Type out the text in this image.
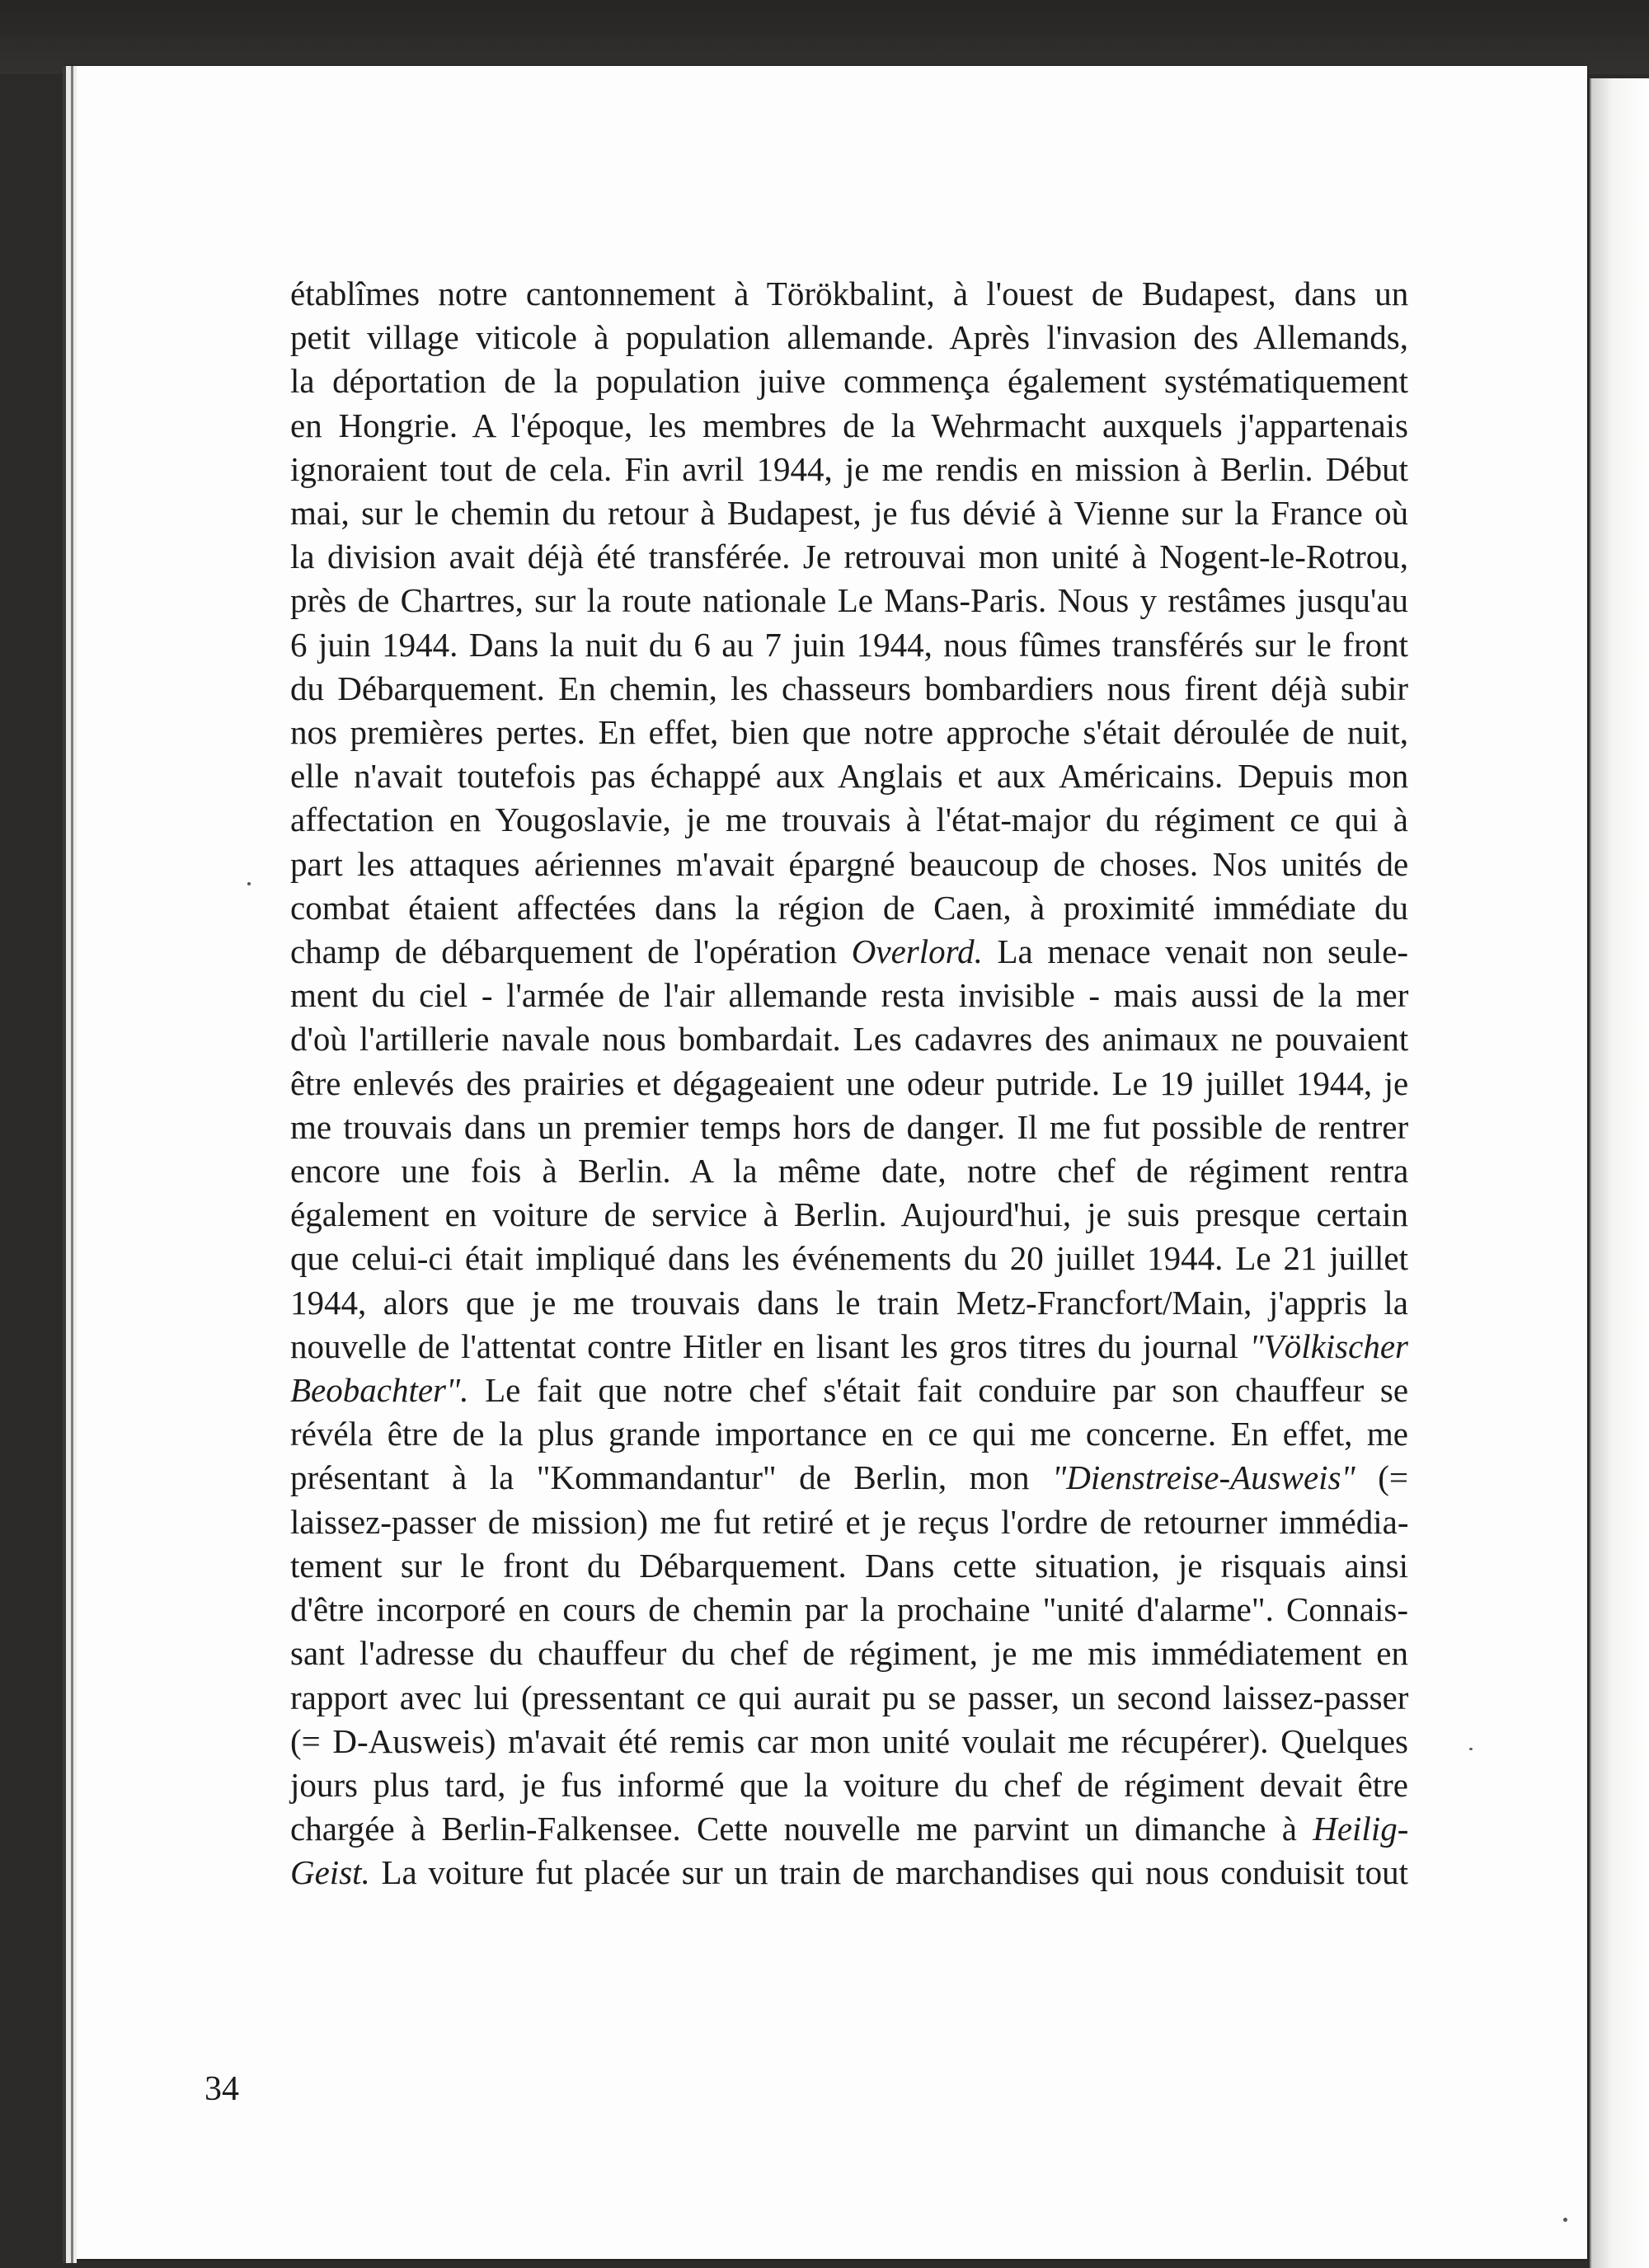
établîmes notre cantonnement à Törökbalint, à l'ouest de Budapest, dans un
petit village viticole à population allemande. Après l'invasion des Allemands,
la déportation de la population juive commença également systématiquement
en Hongrie. A l'époque, les membres de la Wehrmacht auxquels j'appartenais
ignoraient tout de cela. Fin avril 1944, je me rendis en mission à Berlin. Début
mai, sur le chemin du retour à Budapest, je fus dévié à Vienne sur la France où
la division avait déjà été transférée. Je retrouvai mon unité à Nogent-le-Rotrou,
près de Chartres, sur la route nationale Le Mans-Paris. Nous y restâmes jusqu'au
6 juin 1944. Dans la nuit du 6 au 7 juin 1944, nous fûmes transférés sur le front
du Débarquement. En chemin, les chasseurs bombardiers nous firent déjà subir
nos premières pertes. En effet, bien que notre approche s'était déroulée de nuit,
elle n'avait toutefois pas échappé aux Anglais et aux Américains. Depuis mon
affectation en Yougoslavie, je me trouvais à l'état-major du régiment ce qui à
part les attaques aériennes m'avait épargné beaucoup de choses. Nos unités de
combat étaient affectées dans la région de Caen, à proximité immédiate du
champ de débarquement de l'opération Overlord. La menace venait non seule-
ment du ciel - l'armée de l'air allemande resta invisible - mais aussi de la mer
d'où l'artillerie navale nous bombardait. Les cadavres des animaux ne pouvaient
être enlevés des prairies et dégageaient une odeur putride. Le 19 juillet 1944, je
me trouvais dans un premier temps hors de danger. Il me fut possible de rentrer
encore une fois à Berlin. A la même date, notre chef de régiment rentra
également en voiture de service à Berlin. Aujourd'hui, je suis presque certain
que celui-ci était impliqué dans les événements du 20 juillet 1944. Le 21 juillet
1944, alors que je me trouvais dans le train Metz-Francfort/Main, j'appris la
nouvelle de l'attentat contre Hitler en lisant les gros titres du journal "Völkischer
Beobachter". Le fait que notre chef s'était fait conduire par son chauffeur se
révéla être de la plus grande importance en ce qui me concerne. En effet, me
présentant à la "Kommandantur" de Berlin, mon "Dienstreise-Ausweis" (=
laissez-passer de mission) me fut retiré et je reçus l'ordre de retourner immédia-
tement sur le front du Débarquement. Dans cette situation, je risquais ainsi
d'être incorporé en cours de chemin par la prochaine "unité d'alarme". Connais-
sant l'adresse du chauffeur du chef de régiment, je me mis immédiatement en
rapport avec lui (pressentant ce qui aurait pu se passer, un second laissez-passer
(= D-Ausweis) m'avait été remis car mon unité voulait me récupérer). Quelques
jours plus tard, je fus informé que la voiture du chef de régiment devait être
chargée à Berlin-Falkensee. Cette nouvelle me parvint un dimanche à Heilig-
Geist. La voiture fut placée sur un train de marchandises qui nous conduisit tout
34
